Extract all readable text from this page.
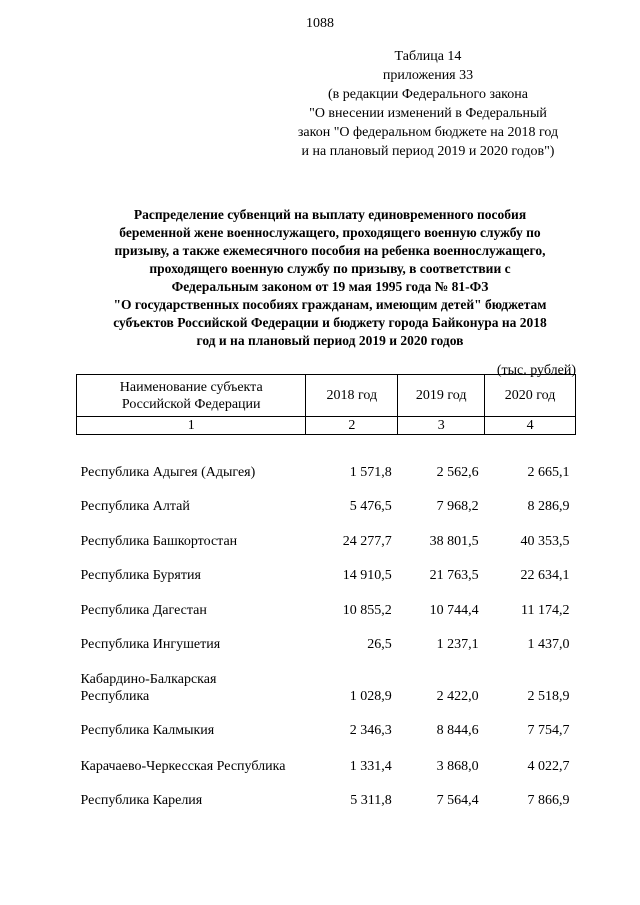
1088
Таблица 14
приложения 33
(в редакции Федерального закона
"О внесении изменений в Федеральный
закон "О федеральном бюджете на 2018 год
и на плановый период 2019 и 2020 годов")
Распределение субвенций на выплату единовременного пособия
беременной жене военнослужащего, проходящего военную службу по
призыву, а также ежемесячного пособия на ребенка военнослужащего,
проходящего военную службу по призыву, в соответствии с
Федеральным законом от 19 мая 1995 года № 81-ФЗ
"О государственных пособиях гражданам, имеющим детей" бюджетам
субъектов Российской Федерации и бюджету города Байконура на 2018
год и на плановый период 2019 и 2020 годов
(тыс. рублей)
Наименование субъекта
Российской Федерации	2018 год	2019 год	2020 год
1	2	3	4
Республика Адыгея (Адыгея)	1 571,8	2 562,6	2 665,1
Республика Алтай	5 476,5	7 968,2	8 286,9
Республика Башкортостан	24 277,7	38 801,5	40 353,5
Республика Бурятия	14 910,5	21 763,5	22 634,1
Республика Дагестан	10 855,2	10 744,4	11 174,2
Республика Ингушетия	26,5	1 237,1	1 437,0
Кабардино-Балкарская
Республика	1 028,9	2 422,0	2 518,9
Республика Калмыкия	2 346,3	8 844,6	7 754,7
Карачаево-Черкесская Республика	1 331,4	3 868,0	4 022,7
Республика Карелия	5 311,8	7 564,4	7 866,9
